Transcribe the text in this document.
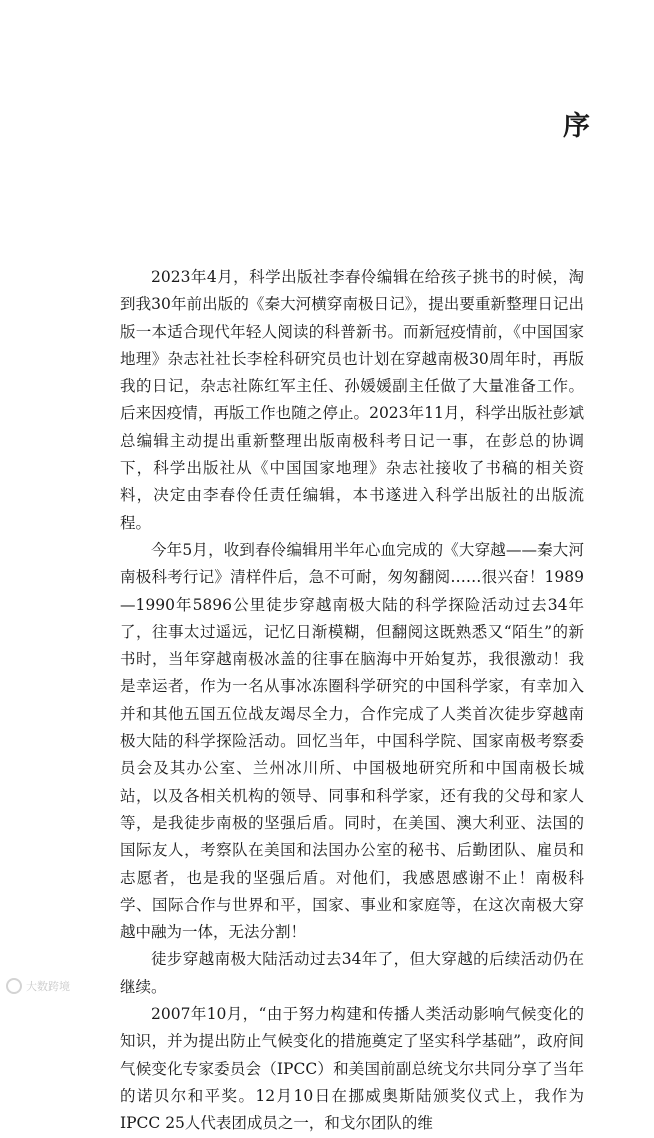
序

2023年4月，科学出版社李春伶编辑在给孩子挑书的时候，淘到我30年前出版的《秦大河横穿南极日记》，提出要重新整理日记出版一本适合现代年轻人阅读的科普新书。而新冠疫情前，《中国国家地理》杂志社社长李栓科研究员也计划在穿越南极30周年时，再版我的日记，杂志社陈红军主任、孙媛媛副主任做了大量准备工作。后来因疫情，再版工作也随之停止。2023年11月，科学出版社彭斌总编辑主动提出重新整理出版南极科考日记一事，在彭总的协调下，科学出版社从《中国国家地理》杂志社接收了书稿的相关资料，决定由李春伶任责任编辑，本书遂进入科学出版社的出版流程。

今年5月，收到春伶编辑用半年心血完成的《大穿越——秦大河南极科考行记》清样件后，急不可耐，匆匆翻阅……很兴奋！1989—1990年5896公里徒步穿越南极大陆的科学探险活动过去34年了，往事太过遥远，记忆日渐模糊，但翻阅这既熟悉又“陌生”的新书时，当年穿越南极冰盖的往事在脑海中开始复苏，我很激动！我是幸运者，作为一名从事冰冻圈科学研究的中国科学家，有幸加入并和其他五国五位战友竭尽全力，合作完成了人类首次徒步穿越南极大陆的科学探险活动。回忆当年，中国科学院、国家南极考察委员会及其办公室、兰州冰川所、中国极地研究所和中国南极长城站，以及各相关机构的领导、同事和科学家，还有我的父母和家人等，是我徒步南极的坚强后盾。同时，在美国、澳大利亚、法国的国际友人，考察队在美国和法国办公室的秘书、后勤团队、雇员和志愿者，也是我的坚强后盾。对他们，我感恩感谢不止！南极科学、国际合作与世界和平，国家、事业和家庭等，在这次南极大穿越中融为一体，无法分割！

徒步穿越南极大陆活动过去34年了，但大穿越的后续活动仍在继续。

2007年10月，“由于努力构建和传播人类活动影响气候变化的知识，并为提出防止气候变化的措施奠定了坚实科学基础”，政府间气候变化专家委员会（IPCC）和美国前副总统戈尔共同分享了当年的诺贝尔和平奖。12月10日在挪威奥斯陆颁奖仪式上，我作为IPCC 25人代表团成员之一，和戈尔团队的维

大数跨境
